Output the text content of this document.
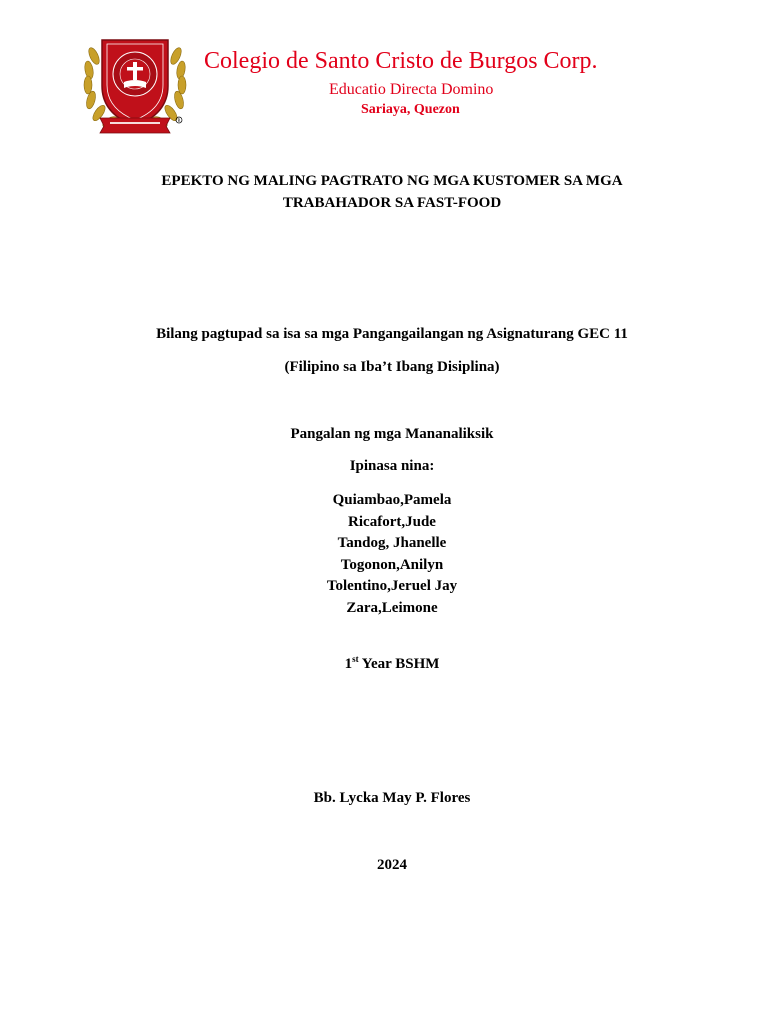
R
Colegio de Santo Cristo de Burgos Corp.
Educatio Directa Domino
Sariaya, Quezon
EPEKTO NG MALING PAGTRATO NG MGA KUSTOMER SA MGA
TRABAHADOR SA FAST-FOOD
Bilang pagtupad sa isa sa mga Pangangailangan ng Asignaturang GEC 11
(Filipino sa Iba’t Ibang Disiplina)
Pangalan ng mga Mananaliksik
Ipinasa nina:
Quiambao,Pamela
Ricafort,Jude
Tandog, Jhanelle
Togonon,Anilyn
Tolentino,Jeruel Jay
Zara,Leimone
1st Year BSHM
Bb. Lycka May P. Flores
2024
